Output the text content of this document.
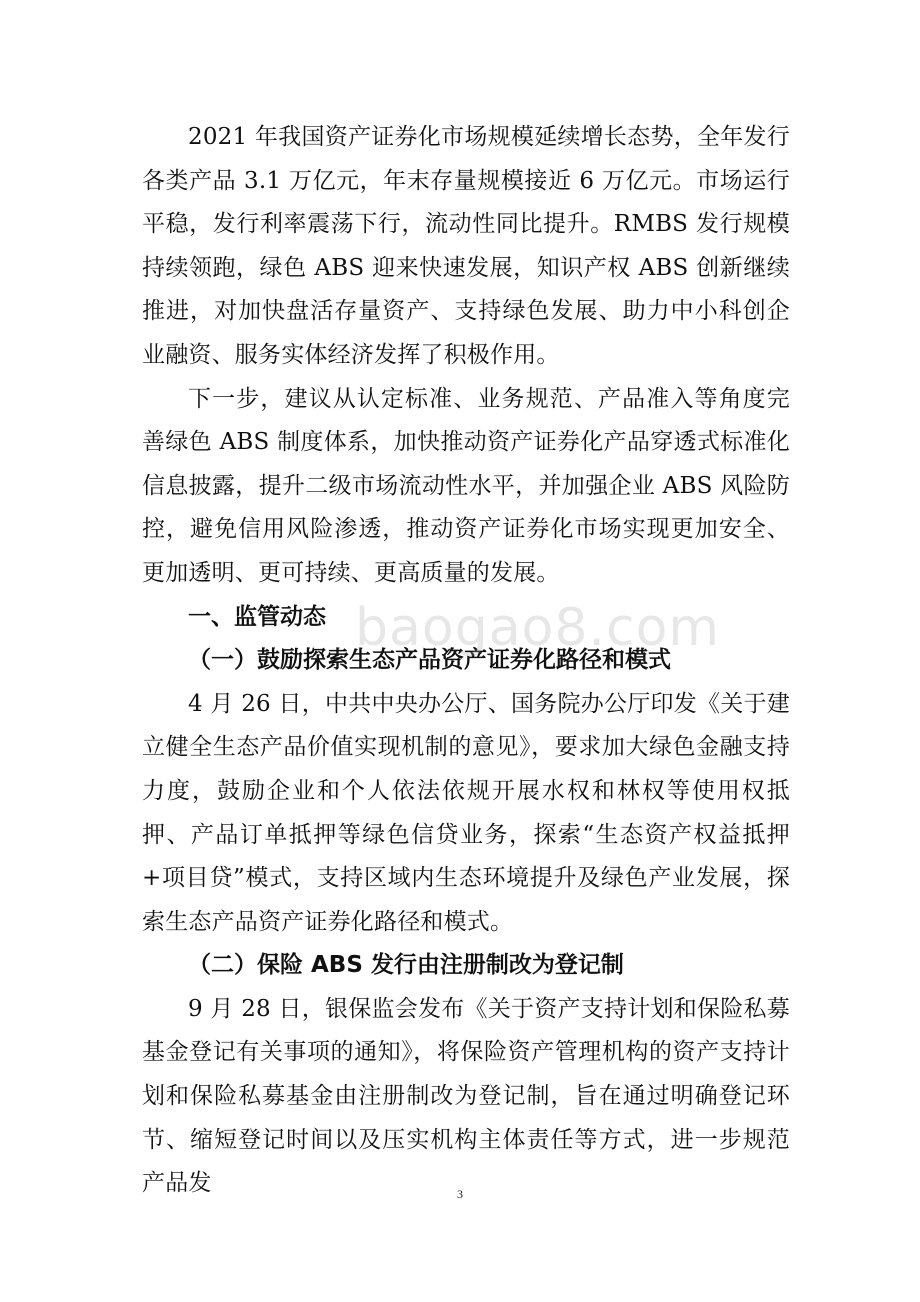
2021 年我国资产证券化市场规模延续增长态势，全年发行各类产品 3.1 万亿元，年末存量规模接近 6 万亿元。市场运行平稳，发行利率震荡下行，流动性同比提升。RMBS 发行规模持续领跑，绿色 ABS 迎来快速发展，知识产权 ABS 创新继续推进，对加快盘活存量资产、支持绿色发展、助力中小科创企业融资、服务实体经济发挥了积极作用。

下一步，建议从认定标准、业务规范、产品准入等角度完善绿色 ABS 制度体系，加快推动资产证券化产品穿透式标准化信息披露，提升二级市场流动性水平，并加强企业 ABS 风险防控，避免信用风险渗透，推动资产证券化市场实现更加安全、更加透明、更可持续、更高质量的发展。

一、监管动态

（一）鼓励探索生态产品资产证券化路径和模式

4 月 26 日，中共中央办公厅、国务院办公厅印发《关于建立健全生态产品价值实现机制的意见》，要求加大绿色金融支持力度，鼓励企业和个人依法依规开展水权和林权等使用权抵押、产品订单抵押等绿色信贷业务，探索“生态资产权益抵押+项目贷”模式，支持区域内生态环境提升及绿色产业发展，探索生态产品资产证券化路径和模式。

（二）保险 ABS 发行由注册制改为登记制

9 月 28 日，银保监会发布《关于资产支持计划和保险私募基金登记有关事项的通知》，将保险资产管理机构的资产支持计划和保险私募基金由注册制改为登记制，旨在通过明确登记环节、缩短登记时间以及压实机构主体责任等方式，进一步规范产品发

baogao8.com
3
